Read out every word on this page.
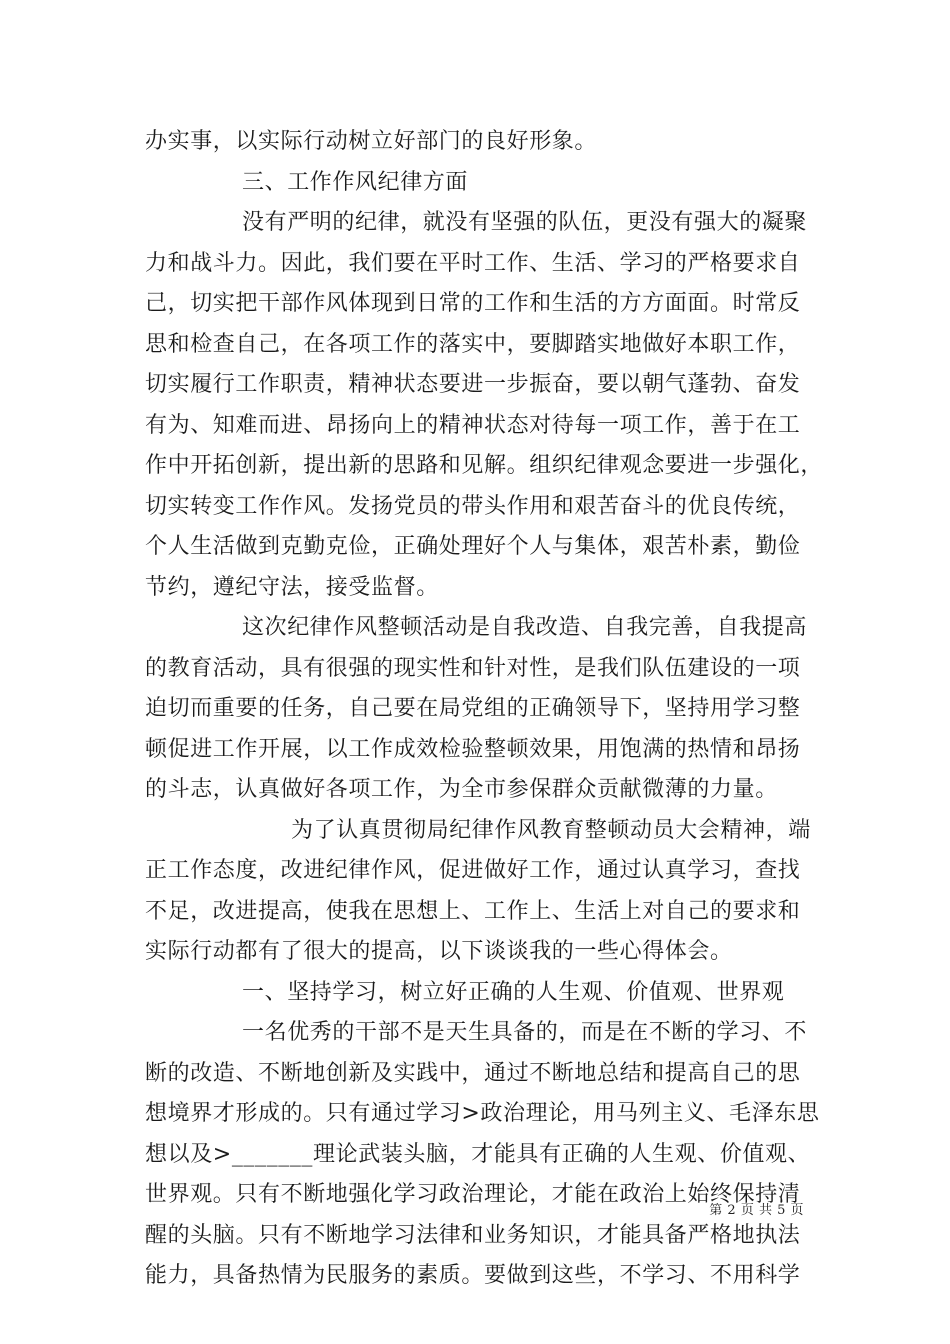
办实事，以实际行动树立好部门的良好形象。
三、工作作风纪律方面
没有严明的纪律，就没有坚强的队伍，更没有强大的凝聚
力和战斗力。因此，我们要在平时工作、生活、学习的严格要求自
己，切实把干部作风体现到日常的工作和生活的方方面面。时常反
思和检查自己，在各项工作的落实中，要脚踏实地做好本职工作，
切实履行工作职责，精神状态要进一步振奋，要以朝气蓬勃、奋发
有为、知难而进、昂扬向上的精神状态对待每一项工作，善于在工
作中开拓创新，提出新的思路和见解。组织纪律观念要进一步强化，
切实转变工作作风。发扬党员的带头作用和艰苦奋斗的优良传统，
个人生活做到克勤克俭，正确处理好个人与集体，艰苦朴素，勤俭
节约，遵纪守法，接受监督。
这次纪律作风整顿活动是自我改造、自我完善，自我提高
的教育活动，具有很强的现实性和针对性，是我们队伍建设的一项
迫切而重要的任务，自己要在局党组的正确领导下，坚持用学习整
顿促进工作开展，以工作成效检验整顿效果，用饱满的热情和昂扬
的斗志，认真做好各项工作，为全市参保群众贡献微薄的力量。
为了认真贯彻局纪律作风教育整顿动员大会精神，端
正工作态度，改进纪律作风，促进做好工作，通过认真学习，查找
不足，改进提高，使我在思想上、工作上、生活上对自己的要求和
实际行动都有了很大的提高，以下谈谈我的一些心得体会。
一、坚持学习，树立好正确的人生观、价值观、世界观
一名优秀的干部不是天生具备的，而是在不断的学习、不
断的改造、不断地创新及实践中，通过不断地总结和提高自己的思
想境界才形成的。只有通过学习>政治理论，用马列主义、毛泽东思
想以及>_______理论武装头脑，才能具有正确的人生观、价值观、
世界观。只有不断地强化学习政治理论，才能在政治上始终保持清
醒的头脑。只有不断地学习法律和业务知识，才能具备严格地执法
能力，具备热情为民服务的素质。要做到这些，不学习、不用科学
第 2 页 共 5 页
